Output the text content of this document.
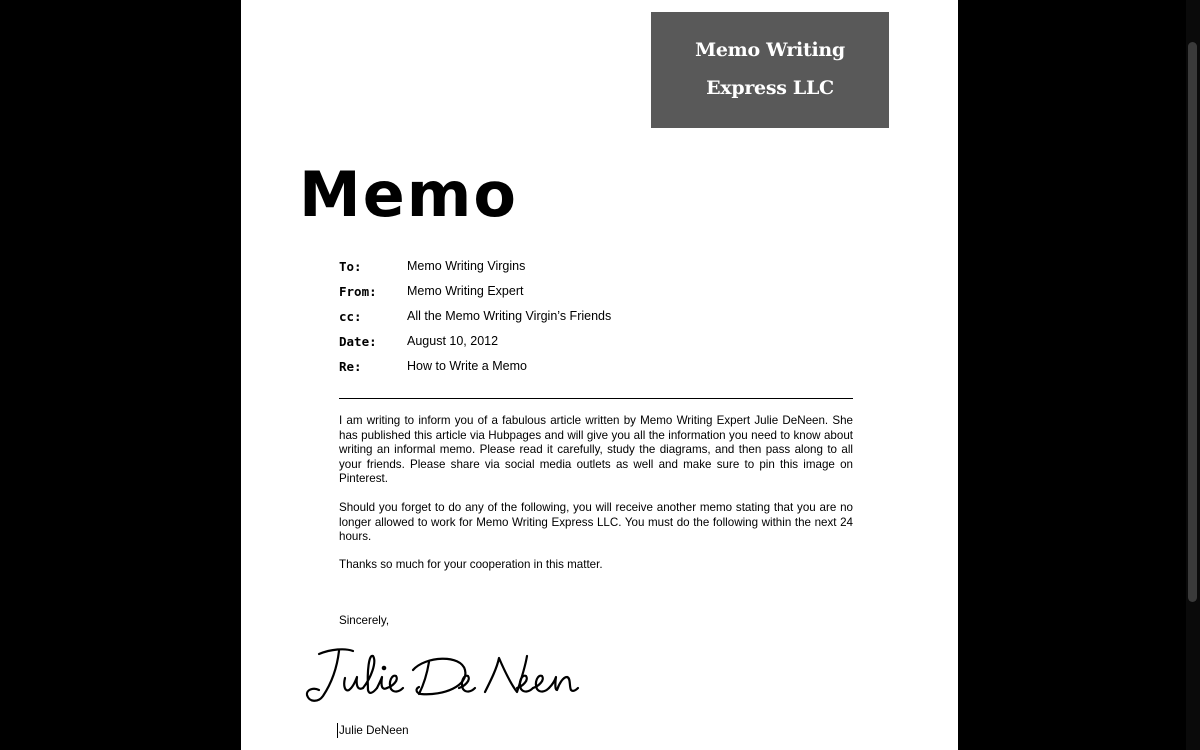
Memo Writing
Express LLC
Memo
To:	Memo Writing Virgins
From:	Memo Writing Expert
cc:	All the Memo Writing Virgin’s Friends
Date:	August 10, 2012
Re:	How to Write a Memo

I am writing to inform you of a fabulous article written by Memo Writing Expert Julie DeNeen. She has published this article via Hubpages and will give you all the information you need to know about writing an informal memo. Please read it carefully, study the diagrams, and then pass along to all your friends. Please share via social media outlets as well and make sure to pin this image on Pinterest.

Should you forget to do any of the following, you will receive another memo stating that you are no longer allowed to work for Memo Writing Express LLC. You must do the following within the next 24 hours.

Thanks so much for your cooperation in this matter.

Sincerely,
Julie DeNeen
